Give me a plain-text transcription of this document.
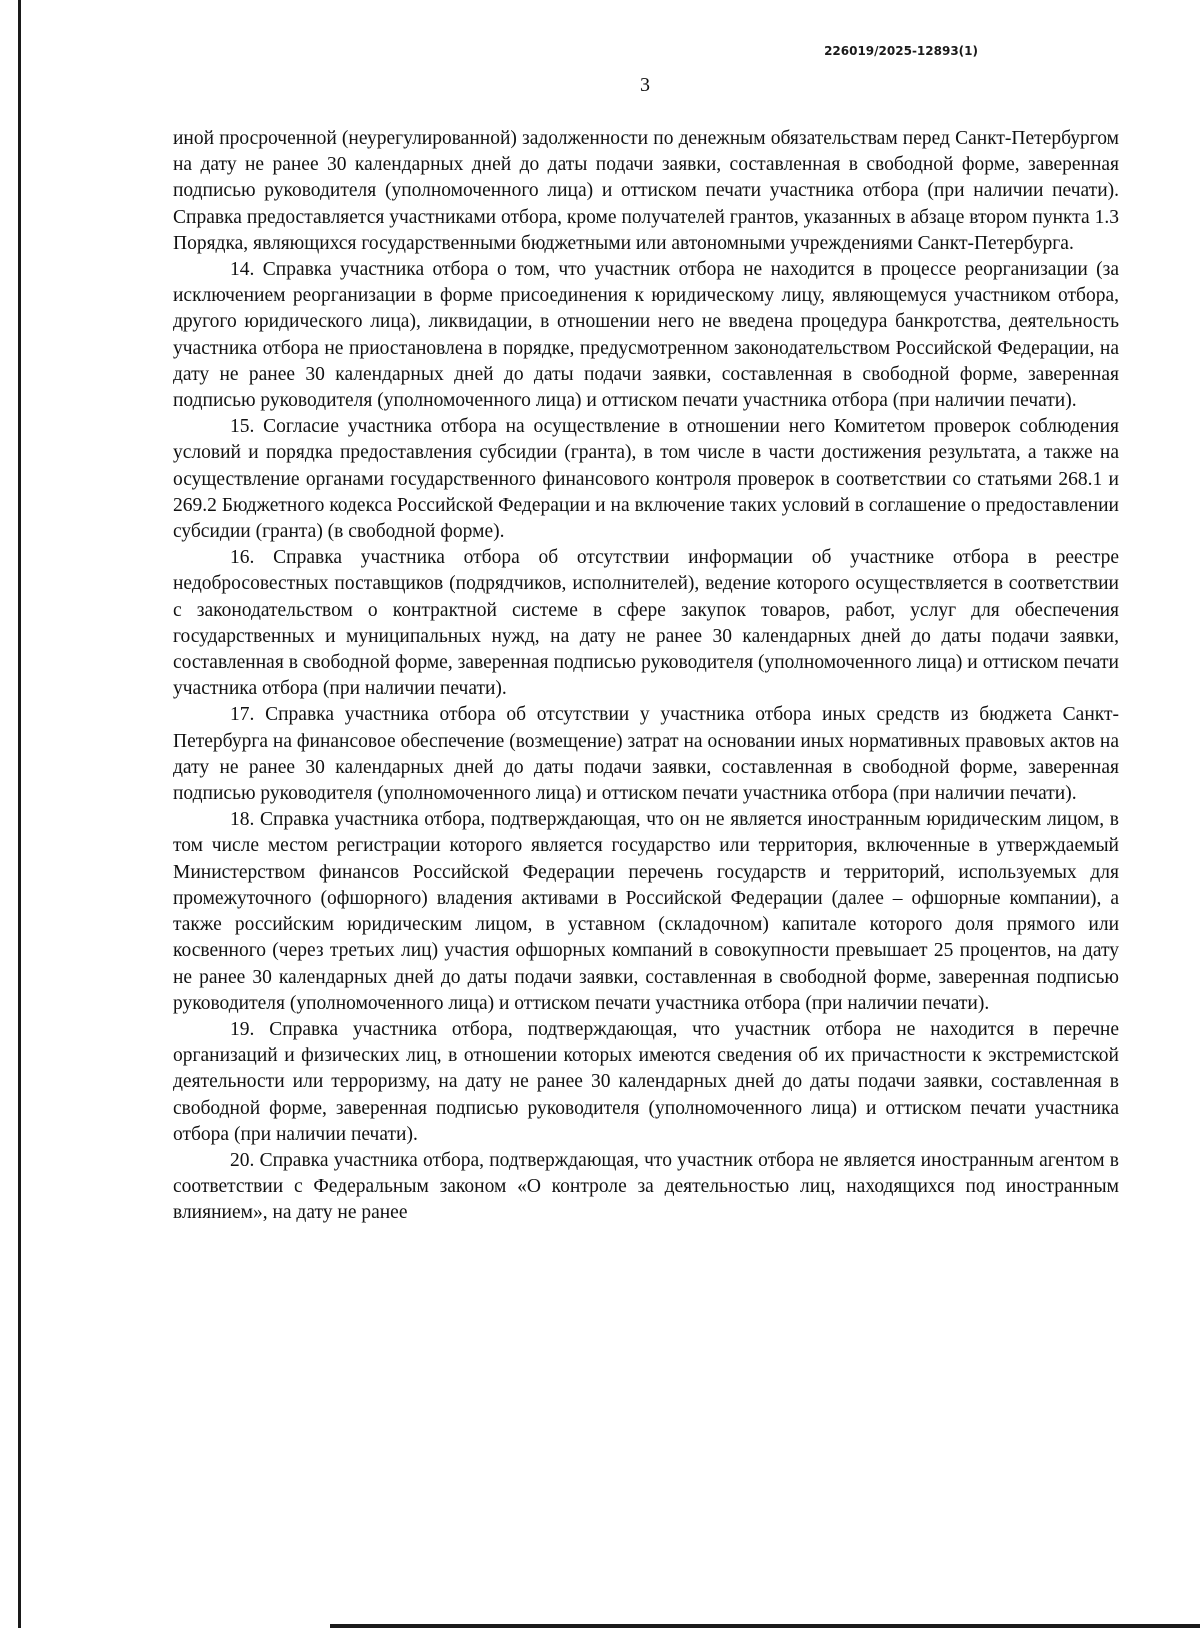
226019/2025-12893(1)
3

иной просроченной (неурегулированной) задолженности по денежным обязательствам перед Санкт-Петербургом на дату не ранее 30 календарных дней до даты подачи заявки, составленная в свободной форме, заверенная подписью руководителя (уполномоченного лица) и оттиском печати участника отбора (при наличии печати). Справка предоставляется участниками отбора, кроме получателей грантов, указанных в абзаце втором пункта 1.3 Порядка, являющихся государственными бюджетными или автономными учреждениями Санкт-Петербурга.

14. Справка участника отбора о том, что участник отбора не находится в процессе реорганизации (за исключением реорганизации в форме присоединения к юридическому лицу, являющемуся участником отбора, другого юридического лица), ликвидации, в отношении него не введена процедура банкротства, деятельность участника отбора не приостановлена в порядке, предусмотренном законодательством Российской Федерации, на дату не ранее 30 календарных дней до даты подачи заявки, составленная в свободной форме, заверенная подписью руководителя (уполномоченного лица) и оттиском печати участника отбора (при наличии печати).

15. Согласие участника отбора на осуществление в отношении него Комитетом проверок соблюдения условий и порядка предоставления субсидии (гранта), в том числе в части достижения результата, а также на осуществление органами государственного финансового контроля проверок в соответствии со статьями 268.1 и 269.2 Бюджетного кодекса Российской Федерации и на включение таких условий в соглашение о предоставлении субсидии (гранта) (в свободной форме).

16. Справка участника отбора об отсутствии информации об участнике отбора в реестре недобросовестных поставщиков (подрядчиков, исполнителей), ведение которого осуществляется в соответствии с законодательством о контрактной системе в сфере закупок товаров, работ, услуг для обеспечения государственных и муниципальных нужд, на дату не ранее 30 календарных дней до даты подачи заявки, составленная в свободной форме, заверенная подписью руководителя (уполномоченного лица) и оттиском печати участника отбора (при наличии печати).

17. Справка участника отбора об отсутствии у участника отбора иных средств из бюджета Санкт-Петербурга на финансовое обеспечение (возмещение) затрат на основании иных нормативных правовых актов на дату не ранее 30 календарных дней до даты подачи заявки, составленная в свободной форме, заверенная подписью руководителя (уполномоченного лица) и оттиском печати участника отбора (при наличии печати).

18. Справка участника отбора, подтверждающая, что он не является иностранным юридическим лицом, в том числе местом регистрации которого является государство или территория, включенные в утверждаемый Министерством финансов Российской Федерации перечень государств и территорий, используемых для промежуточного (офшорного) владения активами в Российской Федерации (далее – офшорные компании), а также российским юридическим лицом, в уставном (складочном) капитале которого доля прямого или косвенного (через третьих лиц) участия офшорных компаний в совокупности превышает 25 процентов, на дату не ранее 30 календарных дней до даты подачи заявки, составленная в свободной форме, заверенная подписью руководителя (уполномоченного лица) и оттиском печати участника отбора (при наличии печати).

19. Справка участника отбора, подтверждающая, что участник отбора не находится в перечне организаций и физических лиц, в отношении которых имеются сведения об их причастности к экстремистской деятельности или терроризму, на дату не ранее 30 календарных дней до даты подачи заявки, составленная в свободной форме, заверенная подписью руководителя (уполномоченного лица) и оттиском печати участника отбора (при наличии печати).

20. Справка участника отбора, подтверждающая, что участник отбора не является иностранным агентом в соответствии с Федеральным законом «О контроле за деятельностью лиц, находящихся под иностранным влиянием», на дату не ранее
